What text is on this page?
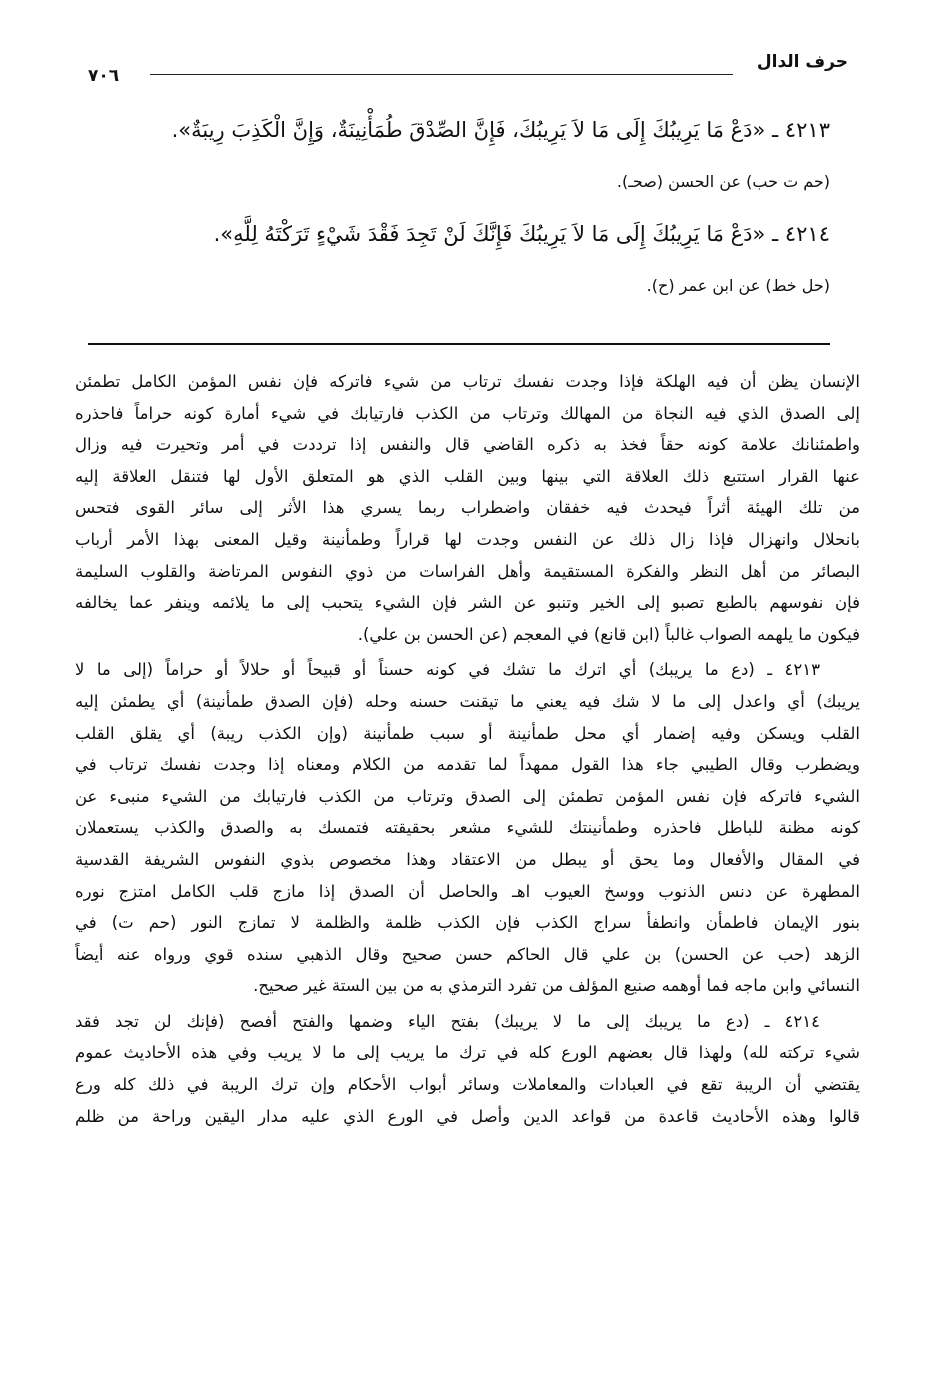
حرف الدال
٧٠٦
٤٢١٣ ـ «دَعْ مَا يَرِيبُكَ إِلَى مَا لاَ يَرِيبُكَ، فَإِنَّ الصِّدْقَ طُمَأْنِينَةٌ، وَإِنَّ الْكَذِبَ رِيبَةٌ».
(حم ت حب) عن الحسن (صحـ).
٤٢١٤ ـ «دَعْ مَا يَرِيبُكَ إِلَى مَا لاَ يَرِيبُكَ فَإِنَّكَ لَنْ تَجِدَ فَقْدَ شَيْءٍ تَرَكْتَهُ لِلَّهِ».
(حل خط) عن ابن عمر (ح).
الإنسان يظن أن فيه الهلكة فإذا وجدت نفسك ترتاب من شيء فاتركه فإن نفس المؤمن الكامل تطمئن
إلى الصدق الذي فيه النجاة من المهالك وترتاب من الكذب فارتيابك في شيء أمارة كونه حراماً فاحذره
واطمئنانك علامة كونه حقاً فخذ به ذكره القاضي قال والنفس إذا ترددت في أمر وتحيرت فيه وزال
عنها القرار استتبع ذلك العلاقة التي بينها وبين القلب الذي هو المتعلق الأول لها فتنقل العلاقة إليه
من تلك الهيئة أثراً فيحدث فيه خفقان واضطراب ربما يسري هذا الأثر إلى سائر القوى فتحس
بانحلال وانهزال فإذا زال ذلك عن النفس وجدت لها قراراً وطمأنينة وقيل المعنى بهذا الأمر أرباب
البصائر من أهل النظر والفكرة المستقيمة وأهل الفراسات من ذوي النفوس المرتاضة والقلوب السليمة
فإن نفوسهم بالطبع تصبو إلى الخير وتنبو عن الشر فإن الشيء يتحبب إلى ما يلائمه وينفر عما يخالفه
فيكون ما يلهمه الصواب غالباً (ابن قانع) في المعجم (عن الحسن بن علي).
٤٢١٣ ـ (دع ما يريبك) أي اترك ما تشك في كونه حسناً أو قبيحاً أو حلالاً أو حراماً (إلى ما لا
يريبك) أي واعدل إلى ما لا شك فيه يعني ما تيقنت حسنه وحله (فإن الصدق طمأنينة) أي يطمئن إليه
القلب ويسكن وفيه إضمار أي محل طمأنينة أو سبب طمأنينة (وإن الكذب ريبة) أي يقلق القلب
ويضطرب وقال الطيبي جاء هذا القول ممهداً لما تقدمه من الكلام ومعناه إذا وجدت نفسك ترتاب في
الشيء فاتركه فإن نفس المؤمن تطمئن إلى الصدق وترتاب من الكذب فارتيابك من الشيء منبىء عن
كونه مظنة للباطل فاحذره وطمأنينتك للشيء مشعر بحقيقته فتمسك به والصدق والكذب يستعملان
في المقال والأفعال وما يحق أو يبطل من الاعتقاد وهذا مخصوص بذوي النفوس الشريفة القدسية
المطهرة عن دنس الذنوب ووسخ العيوب اهـ والحاصل أن الصدق إذا مازج قلب الكامل امتزج نوره
بنور الإيمان فاطمأن وانطفأ سراج الكذب فإن الكذب ظلمة والظلمة لا تمازج النور (حم ت) في
الزهد (حب عن الحسن) بن علي قال الحاكم حسن صحيح وقال الذهبي سنده قوي ورواه عنه أيضاً
النسائي وابن ماجه فما أوهمه صنيع المؤلف من تفرد الترمذي به من بين الستة غير صحيح.
٤٢١٤ ـ (دع ما يريبك إلى ما لا يريبك) بفتح الياء وضمها والفتح أفصح (فإنك لن تجد فقد
شيء تركته لله) ولهذا قال بعضهم الورع كله في ترك ما يريب إلى ما لا يريب وفي هذه الأحاديث عموم
يقتضي أن الريبة تقع في العبادات والمعاملات وسائر أبواب الأحكام وإن ترك الريبة في ذلك كله ورع
قالوا وهذه الأحاديث قاعدة من قواعد الدين وأصل في الورع الذي عليه مدار اليقين وراحة من ظلم
